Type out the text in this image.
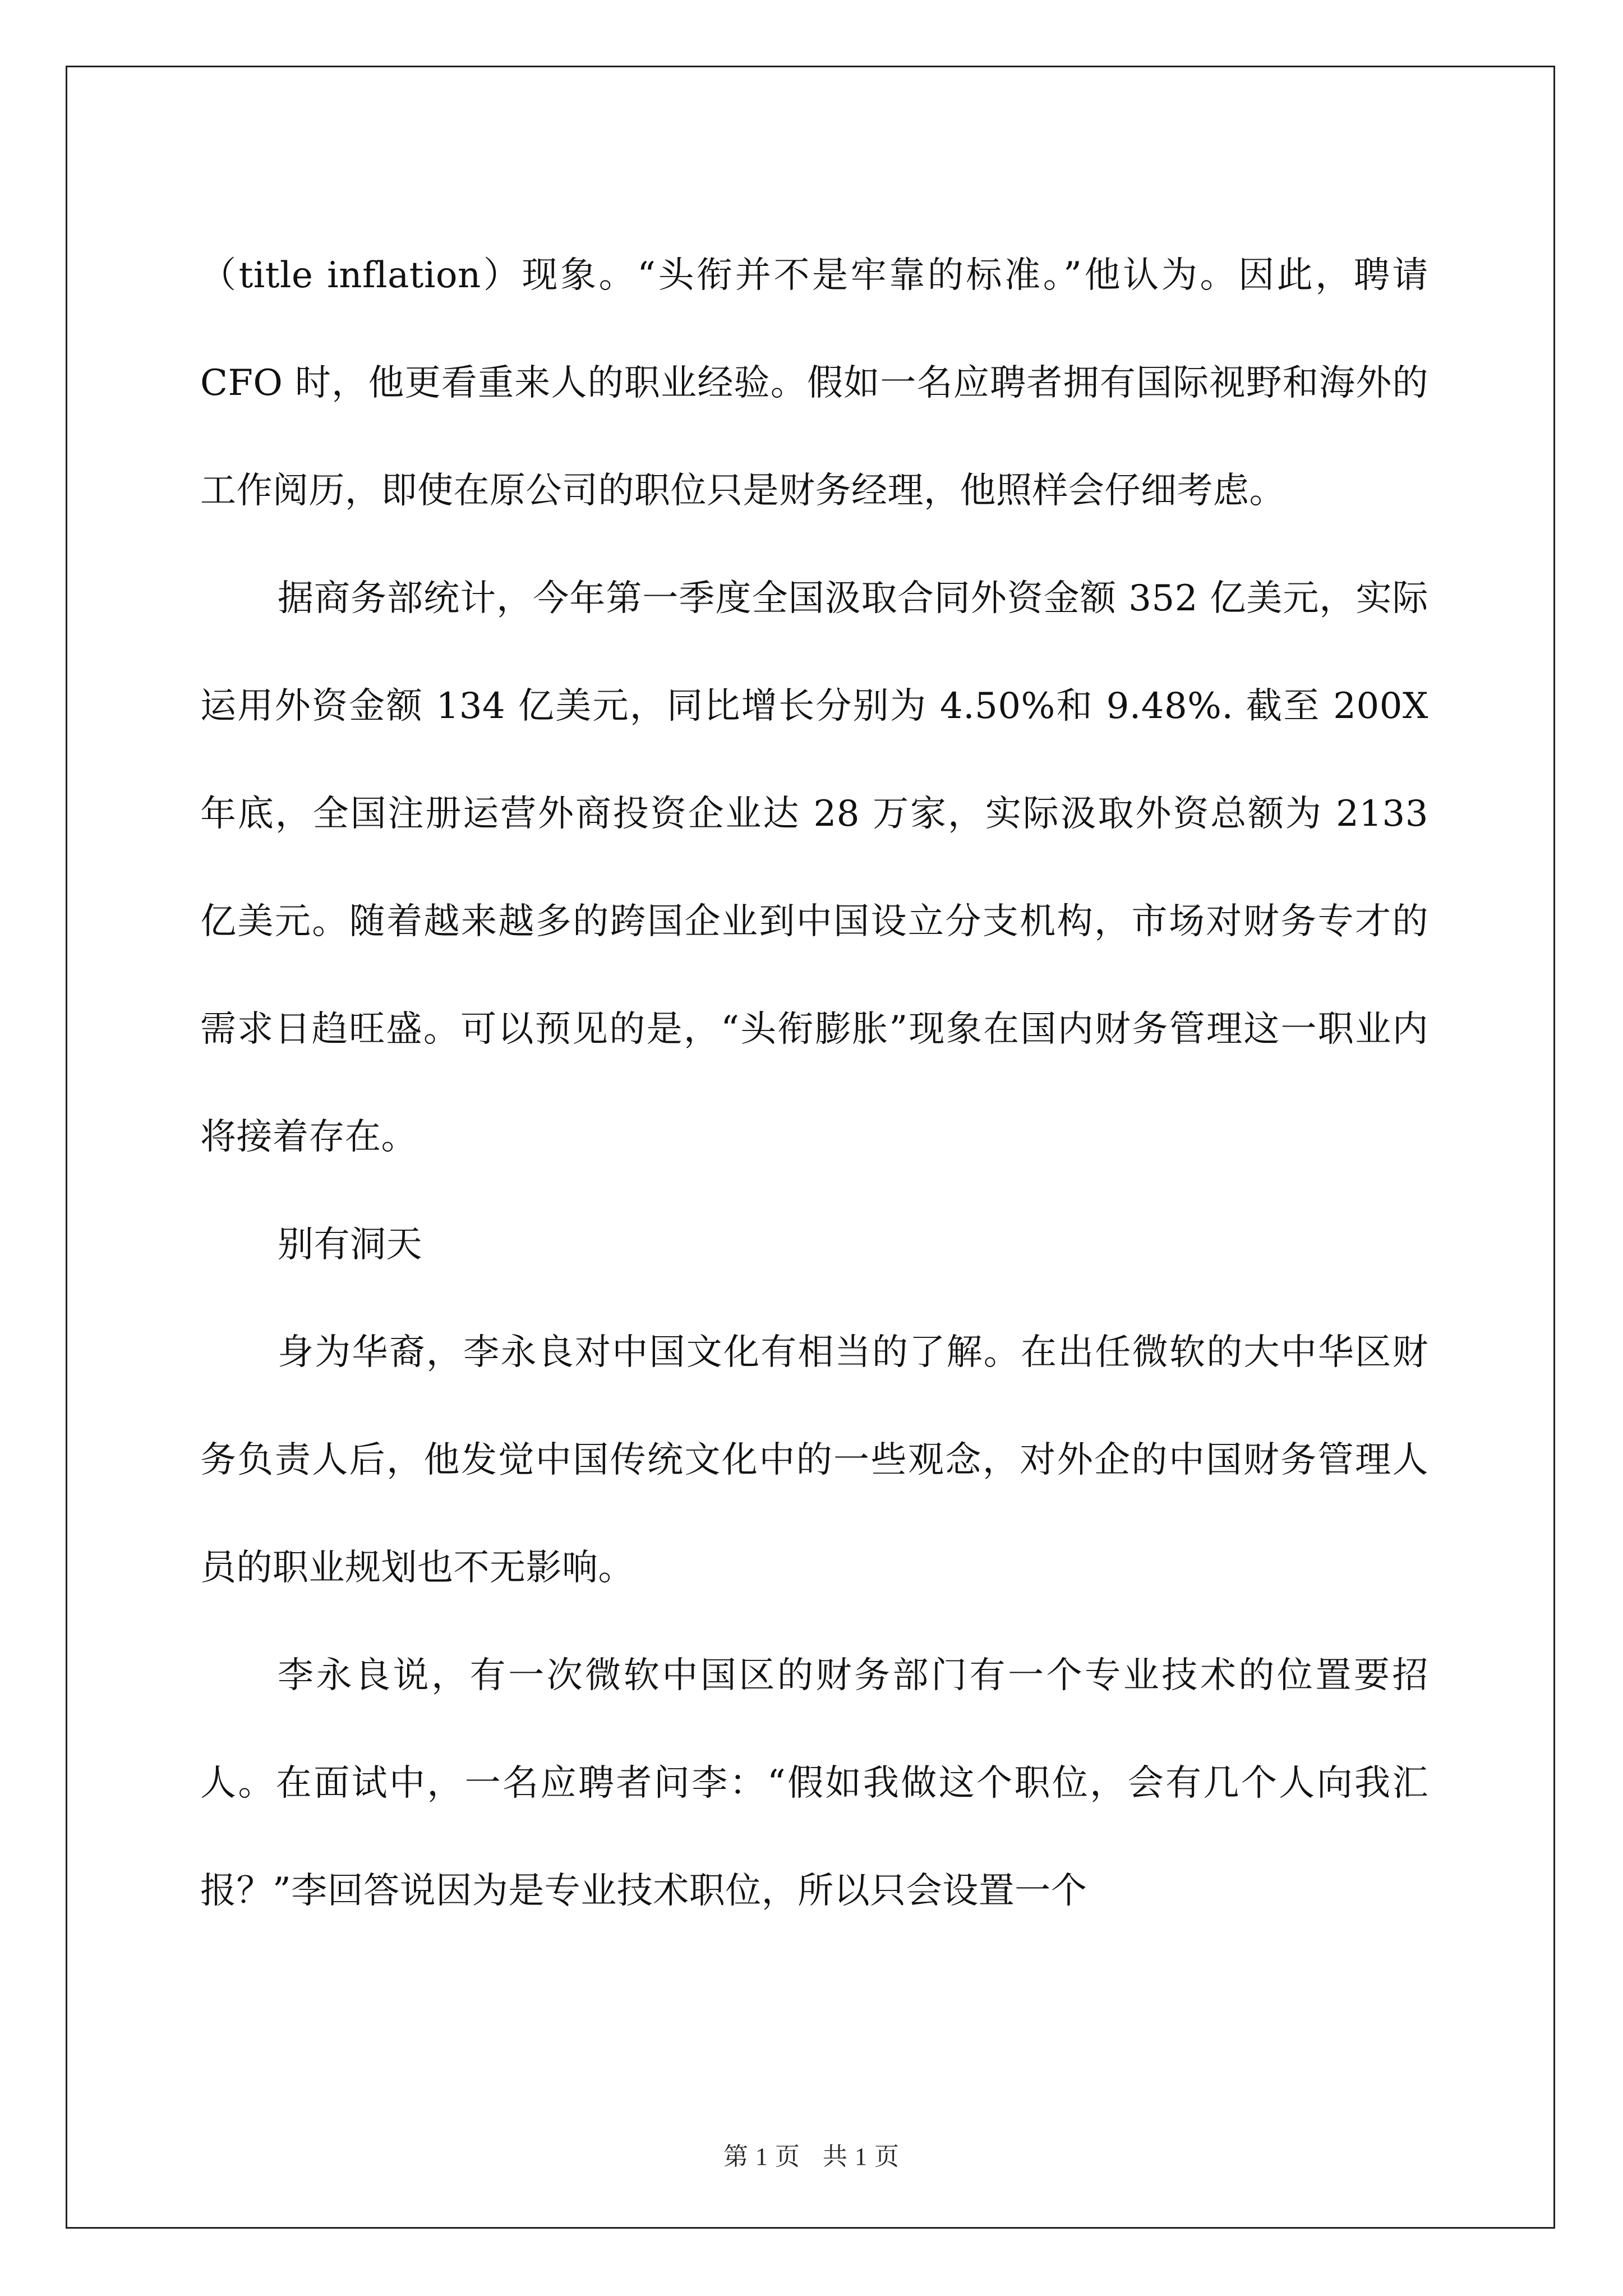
（title inflation）现象。“头衔并不是牢靠的标准。”他认为。因此，聘请 CFO 时，他更看重来人的职业经验。假如一名应聘者拥有国际视野和海外的工作阅历，即使在原公司的职位只是财务经理，他照样会仔细考虑。

据商务部统计，今年第一季度全国汲取合同外资金额 352 亿美元，实际运用外资金额 134 亿美元，同比增长分别为 4.50%和 9.48%. 截至 200X 年底，全国注册运营外商投资企业达 28 万家，实际汲取外资总额为 2133 亿美元。随着越来越多的跨国企业到中国设立分支机构，市场对财务专才的需求日趋旺盛。可以预见的是，“头衔膨胀”现象在国内财务管理这一职业内将接着存在。

别有洞天

身为华裔，李永良对中国文化有相当的了解。在出任微软的大中华区财务负责人后，他发觉中国传统文化中的一些观念，对外企的中国财务管理人员的职业规划也不无影响。

李永良说，有一次微软中国区的财务部门有一个专业技术的位置要招人。在面试中，一名应聘者问李：“假如我做这个职位，会有几个人向我汇报？”李回答说因为是专业技术职位，所以只会设置一个

第 1 页 共 1 页
